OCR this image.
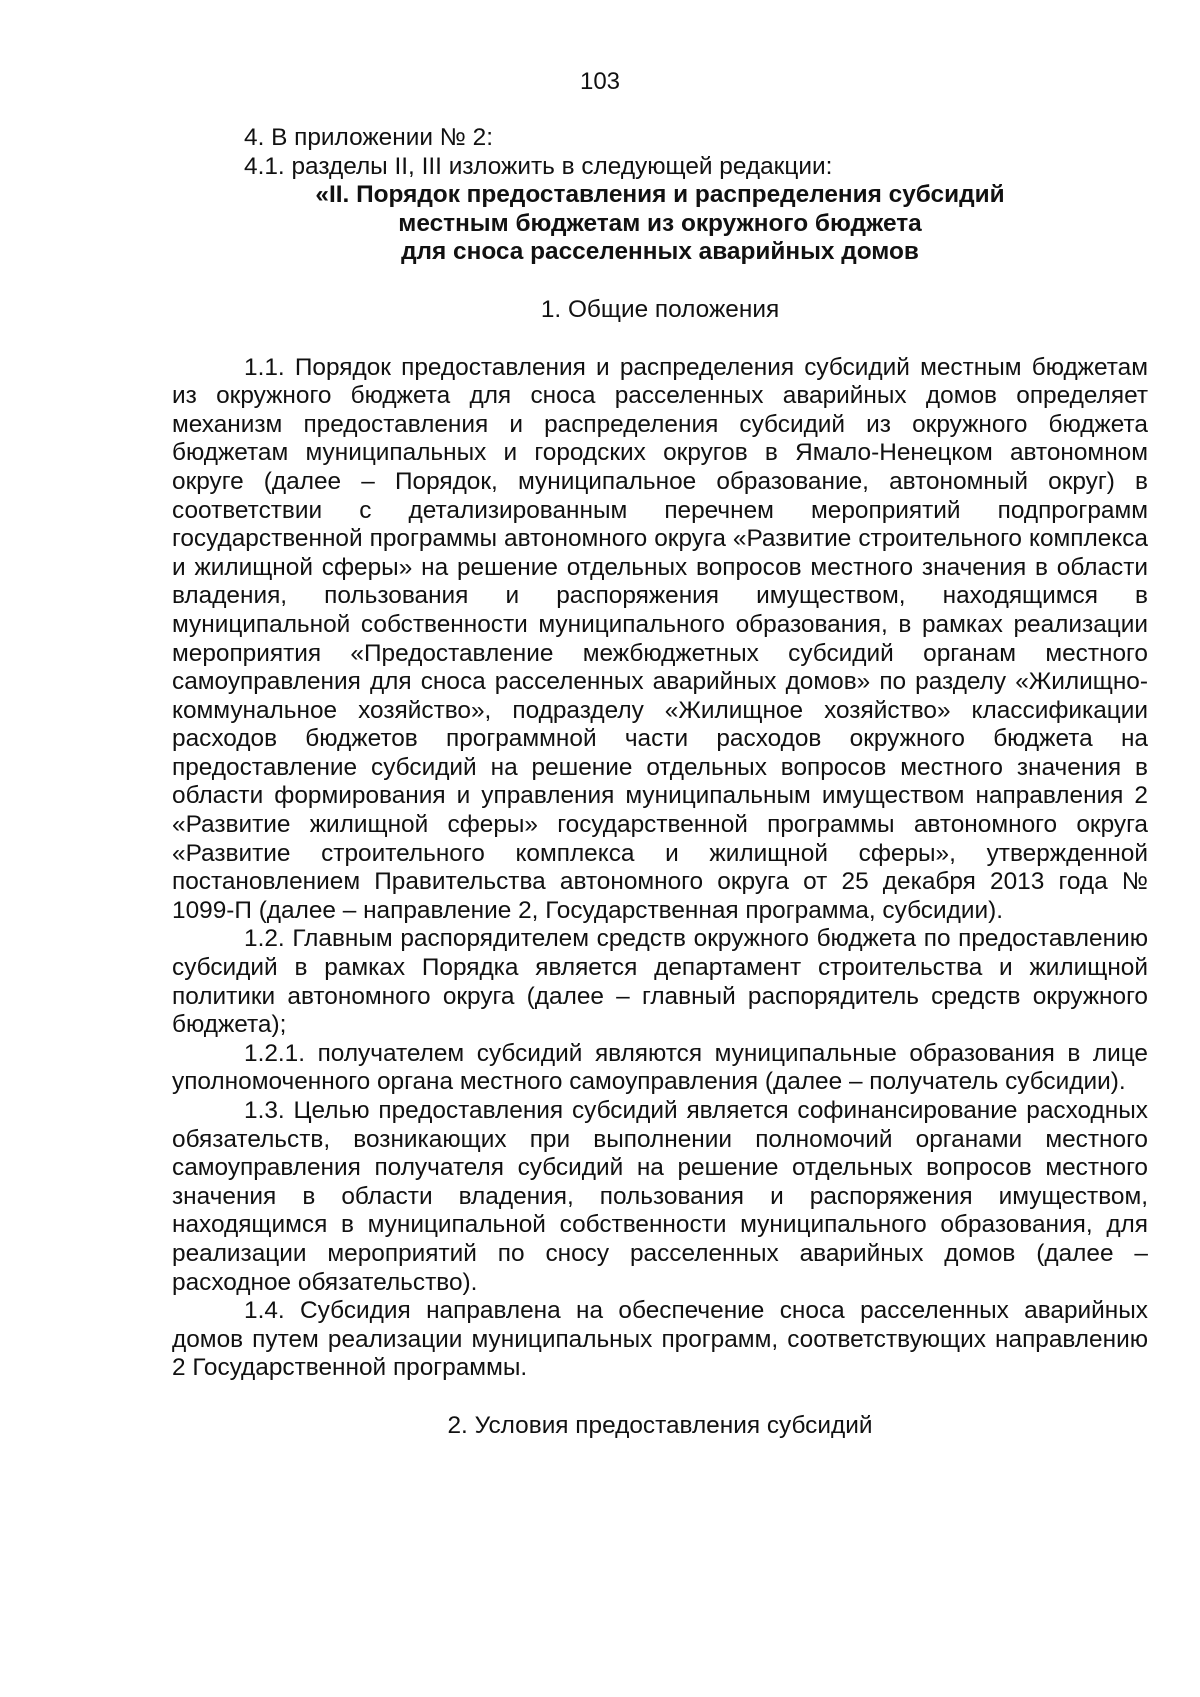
103

4. В приложении № 2:

4.1. разделы II, III изложить в следующей редакции:

«II. Порядок предоставления и распределения субсидий

местным бюджетам из окружного бюджета

для сноса расселенных аварийных домов

1. Общие положения

1.1. Порядок предоставления и распределения субсидий местным бюджетам из окружного бюджета для сноса расселенных аварийных домов определяет механизм предоставления и распределения субсидий из окружного бюджета бюджетам муниципальных и городских округов в Ямало-Ненецком автономном округе (далее – Порядок, муниципальное образование, автономный округ) в соответствии с детализированным перечнем мероприятий подпрограмм государственной программы автономного округа «Развитие строительного комплекса и жилищной сферы» на решение отдельных вопросов местного значения в области владения, пользования и распоряжения имуществом, находящимся в муниципальной собственности муниципального образования, в рамках реализации мероприятия «Предоставление межбюджетных субсидий органам местного самоуправления для сноса расселенных аварийных домов» по разделу «Жилищно-коммунальное хозяйство», подразделу «Жилищное хозяйство» классификации расходов бюджетов программной части расходов окружного бюджета на предоставление субсидий на решение отдельных вопросов местного значения в области формирования и управления муниципальным имуществом направления 2 «Развитие жилищной сферы» государственной программы автономного округа «Развитие строительного комплекса и жилищной сферы», утвержденной постановлением Правительства автономного округа от 25 декабря 2013 года № 1099-П (далее – направление 2, Государственная программа, субсидии).

1.2. Главным распорядителем средств окружного бюджета по предоставлению субсидий в рамках Порядка является департамент строительства и жилищной политики автономного округа (далее – главный распорядитель средств окружного бюджета);

1.2.1. получателем субсидий являются муниципальные образования в лице уполномоченного органа местного самоуправления (далее – получатель субсидии).

1.3. Целью предоставления субсидий является софинансирование расходных обязательств, возникающих при выполнении полномочий органами местного самоуправления получателя субсидий на решение отдельных вопросов местного значения в области владения, пользования и распоряжения имуществом, находящимся в муниципальной собственности муниципального образования, для реализации мероприятий по сносу расселенных аварийных домов (далее – расходное обязательство).

1.4. Субсидия направлена на обеспечение сноса расселенных аварийных домов путем реализации муниципальных программ, соответствующих направлению 2 Государственной программы.

2. Условия предоставления субсидий
